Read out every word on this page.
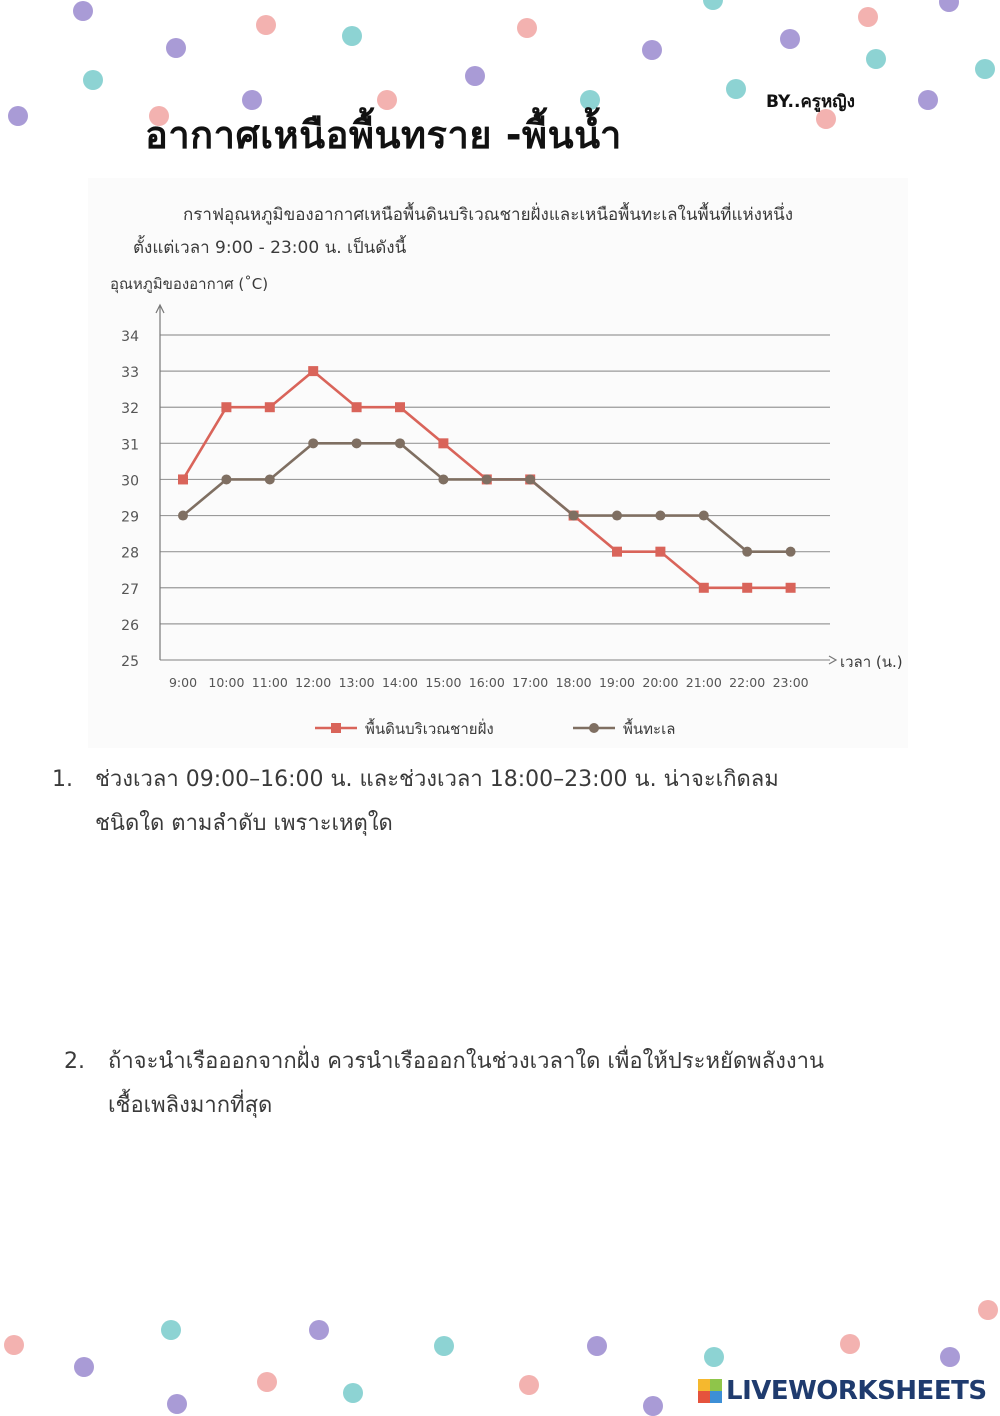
อากาศเหนือพื้นทราย -พื้นน้ำ
BY..ครูหญิง
กราฟอุณหภูมิของอากาศเหนือพื้นดินบริเวณชายฝั่งและเหนือพื้นทะเลในพื้นที่แห่งหนึ่ง
ตั้งแต่เวลา 9:00 - 23:00 น. เป็นดังนี้
25
26
27
28
29
30
31
32
33
34
อุณหภูมิของอากาศ (˚C)
เวลา (น.)
9:00 10:00 11:00 12:00 13:00 14:00 15:00 16:00 17:00 18:00 19:00 20:00 21:00 22:00 23:00
พื้นดินบริเวณชายฝั่ง	พื้นทะเล
1. ช่วงเวลา 09:00–16:00 น. และช่วงเวลา 18:00–23:00 น. น่าจะเกิดลม
ชนิดใด ตามลำดับ เพราะเหตุใด
2. ถ้าจะนำเรือออกจากฝั่ง ควรนำเรือออกในช่วงเวลาใด เพื่อให้ประหยัดพลังงาน
เชื้อเพลิงมากที่สุด
LIVEWORKSHEETS
